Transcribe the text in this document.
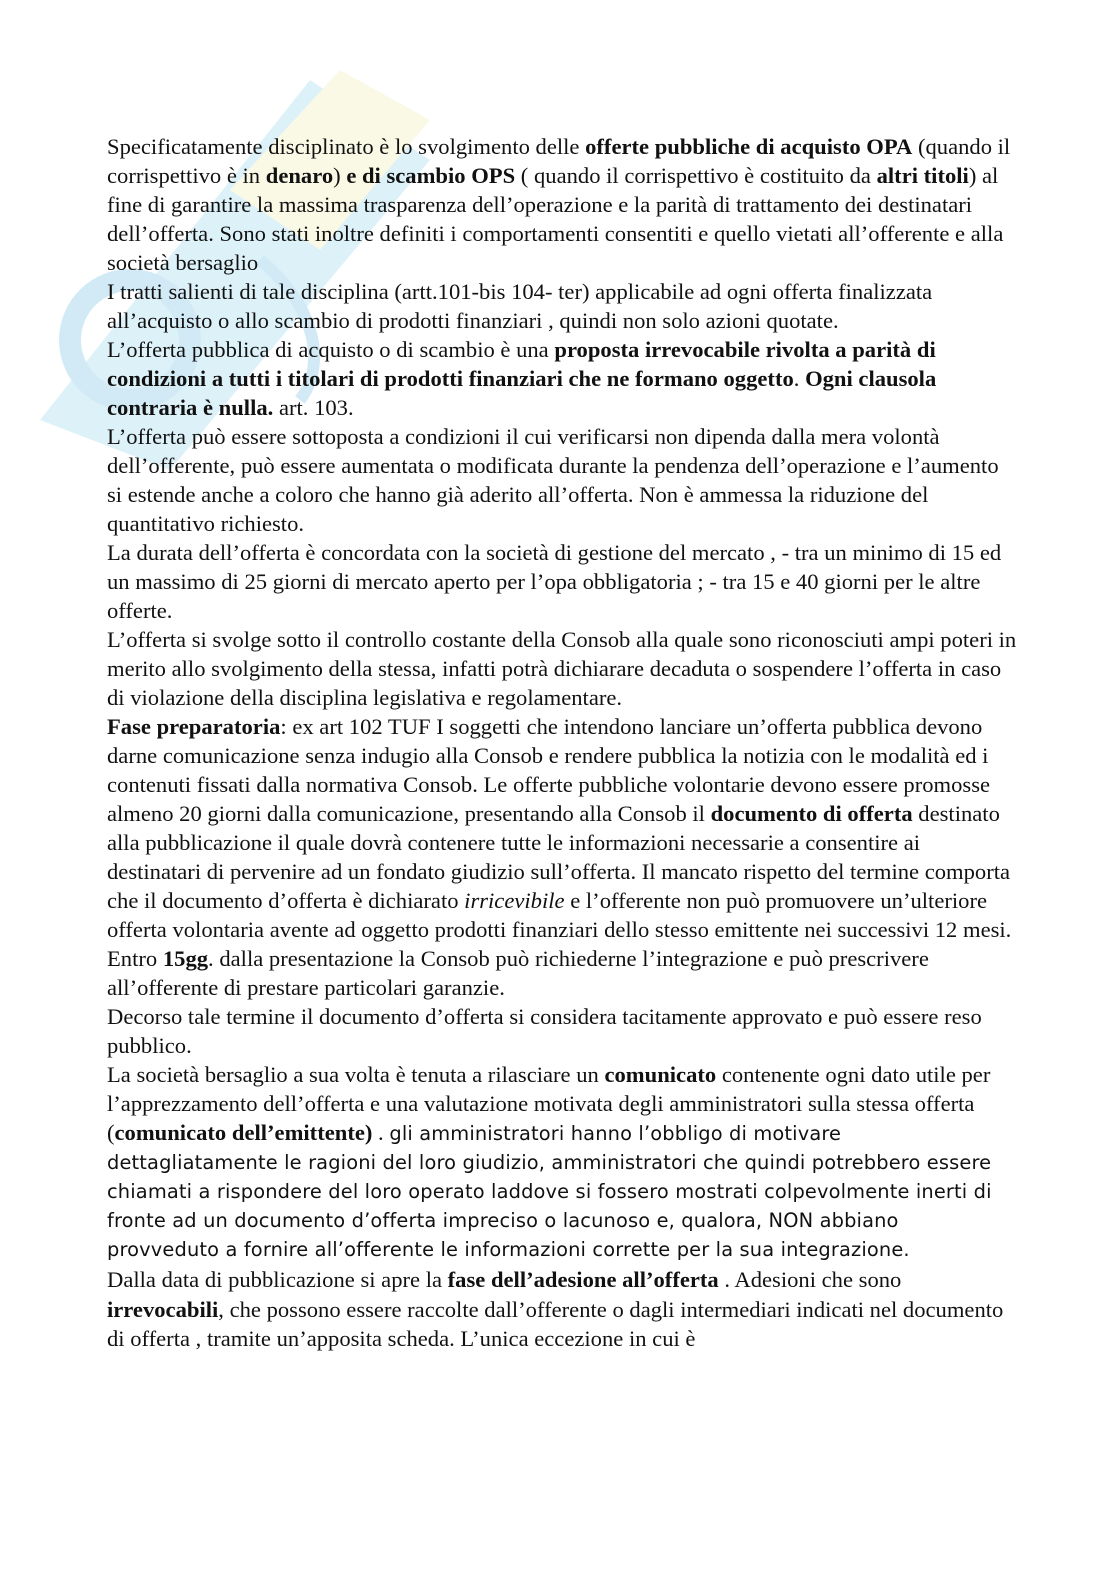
Specificatamente disciplinato è lo svolgimento delle offerte pubbliche di acquisto OPA (quando il corrispettivo è in denaro) e di scambio OPS ( quando il corrispettivo è costituito da altri titoli) al fine di garantire la massima trasparenza dell’operazione e la parità di trattamento dei destinatari dell’offerta. Sono stati inoltre definiti i comportamenti consentiti e quello vietati all’offerente e alla società bersaglio

I tratti salienti di tale disciplina (artt.101-bis 104- ter) applicabile ad ogni offerta finalizzata all’acquisto o allo scambio di prodotti finanziari , quindi non solo azioni quotate.

L’offerta pubblica di acquisto o di scambio è una proposta irrevocabile rivolta a parità di condizioni a tutti i titolari di prodotti finanziari che ne formano oggetto. Ogni clausola contraria è nulla. art. 103.

L’offerta può essere sottoposta a condizioni il cui verificarsi non dipenda dalla mera volontà dell’offerente, può essere aumentata o modificata durante la pendenza dell’operazione e l’aumento si estende anche a coloro che hanno già aderito all’offerta. Non è ammessa la riduzione del quantitativo richiesto.

La durata dell’offerta è concordata con la società di gestione del mercato , - tra un minimo di 15 ed un massimo di 25 giorni di mercato aperto per l’opa obbligatoria ; - tra 15 e 40 giorni per le altre offerte.

L’offerta si svolge sotto il controllo costante della Consob alla quale sono riconosciuti ampi poteri in merito allo svolgimento della stessa, infatti potrà dichiarare decaduta o sospendere l’offerta in caso di violazione della disciplina legislativa e regolamentare.

Fase preparatoria: ex art 102 TUF I soggetti che intendono lanciare un’offerta pubblica devono darne comunicazione senza indugio alla Consob e rendere pubblica la notizia con le modalità ed i contenuti fissati dalla normativa Consob. Le offerte pubbliche volontarie devono essere promosse almeno 20 giorni dalla comunicazione, presentando alla Consob il documento di offerta destinato alla pubblicazione il quale dovrà contenere tutte le informazioni necessarie a consentire ai destinatari di pervenire ad un fondato giudizio sull’offerta. Il mancato rispetto del termine comporta che il documento d’offerta è dichiarato irricevibile e l’offerente non può promuovere un’ulteriore offerta volontaria avente ad oggetto prodotti finanziari dello stesso emittente nei successivi 12 mesi.

Entro 15gg. dalla presentazione la Consob può richiederne l’integrazione e può prescrivere all’offerente di prestare particolari garanzie.

Decorso tale termine il documento d’offerta si considera tacitamente approvato e può essere reso pubblico.

La società bersaglio a sua volta è tenuta a rilasciare un comunicato contenente ogni dato utile per l’apprezzamento dell’offerta e una valutazione motivata degli amministratori sulla stessa offerta (comunicato dell’emittente) . gli amministratori hanno l’obbligo di motivare dettagliatamente le ragioni del loro giudizio, amministratori che quindi potrebbero essere chiamati a rispondere del loro operato laddove si fossero mostrati colpevolmente inerti di fronte ad un documento d’offerta impreciso o lacunoso e, qualora, NON abbiano provveduto a fornire all’offerente le informazioni corrette per la sua integrazione.

Dalla data di pubblicazione si apre la fase dell’adesione all’offerta . Adesioni che sono irrevocabili, che possono essere raccolte dall’offerente o dagli intermediari indicati nel documento di offerta , tramite un’apposita scheda. L’unica eccezione in cui è
